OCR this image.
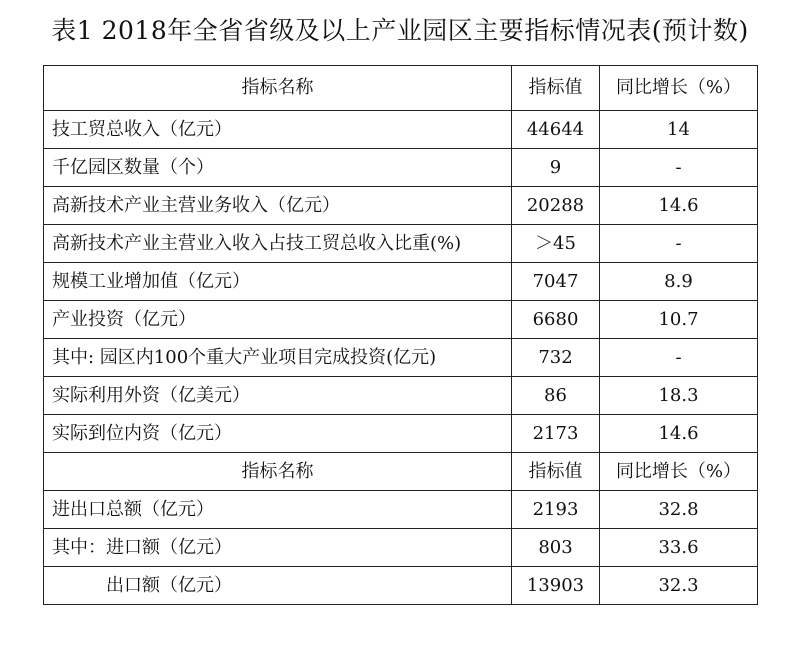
表1 2018年全省省级及以上产业园区主要指标情况表(预计数)
指标名称	指标值	同比增长（%）
技工贸总收入（亿元）	44644	14
千亿园区数量（个）	9	-
高新技术产业主营业务收入（亿元）	20288	14.6
高新技术产业主营业入收入占技工贸总收入比重(%)	＞45	-
规模工业增加值（亿元）	7047	8.9
产业投资（亿元）	6680	10.7
其中: 园区内100个重大产业项目完成投资(亿元)	732	-
实际利用外资（亿美元）	86	18.3
实际到位内资（亿元）	2173	14.6
指标名称	指标值	同比增长（%）
进出口总额（亿元）	2193	32.8
其中：进口额（亿元）	803	33.6
出口额（亿元）	13903	32.3
